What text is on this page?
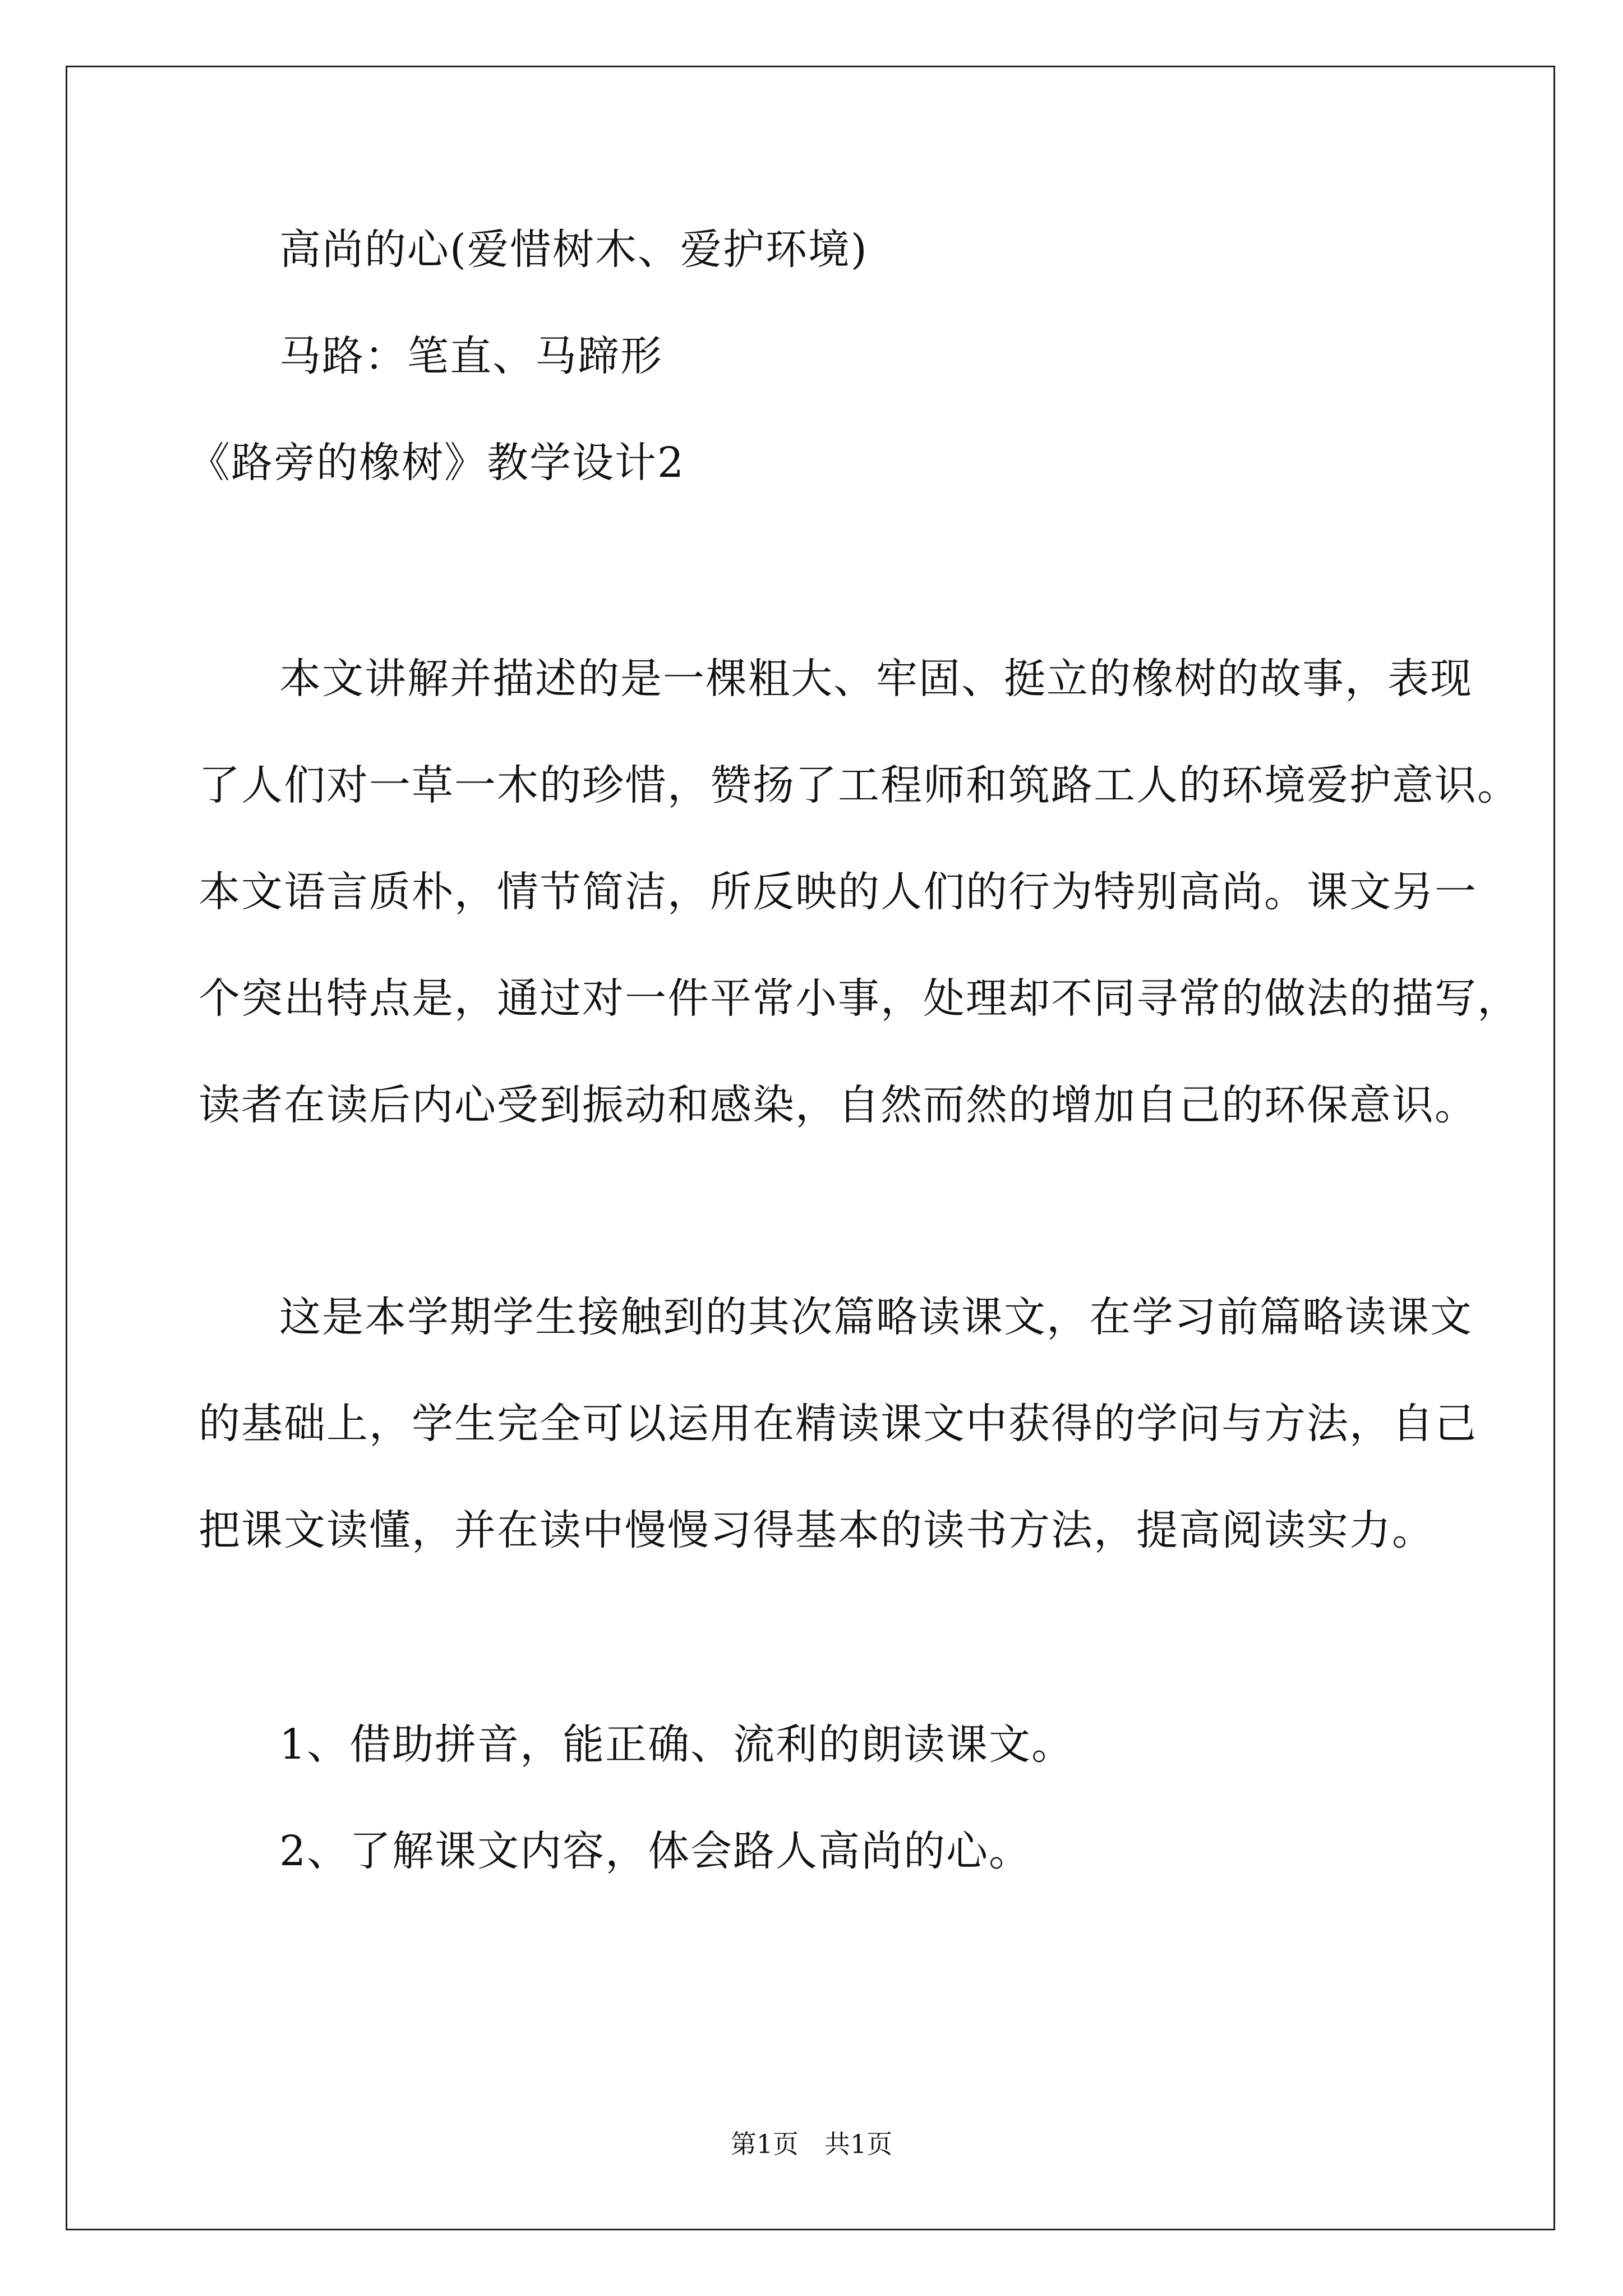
高尚的心(爱惜树木、爱护环境)
马路：笔直、马蹄形
《路旁的橡树》教学设计2
本文讲解并描述的是一棵粗大、牢固、挺立的橡树的故事，表现
了人们对一草一木的珍惜，赞扬了工程师和筑路工人的环境爱护意识。
本文语言质朴，情节简洁，所反映的人们的行为特别高尚。课文另一
个突出特点是，通过对一件平常小事，处理却不同寻常的做法的描写，
读者在读后内心受到振动和感染，自然而然的增加自己的环保意识。
这是本学期学生接触到的其次篇略读课文，在学习前篇略读课文
的基础上，学生完全可以运用在精读课文中获得的学问与方法，自己
把课文读懂，并在读中慢慢习得基本的读书方法，提高阅读实力。
1、借助拼音，能正确、流利的朗读课文。
2、了解课文内容，体会路人高尚的心。
第1页　共1页
